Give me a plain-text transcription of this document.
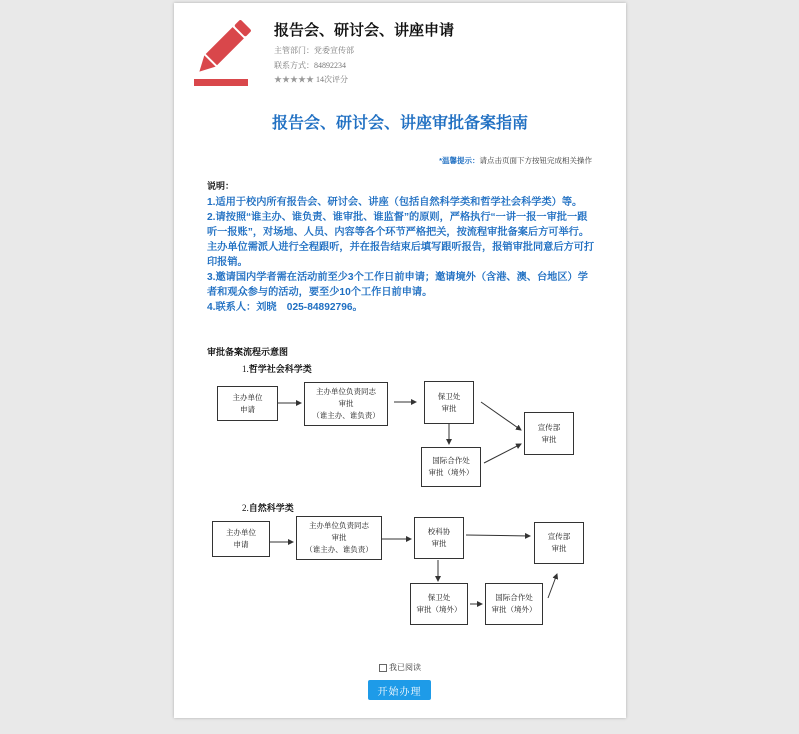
报告会、研讨会、讲座申请
主管部门：党委宣传部
联系方式：84892234
★★★★★ 14次评分
报告会、研讨会、讲座审批备案指南
*温馨提示：请点击页面下方按钮完成相关操作
说明：

1.适用于校内所有报告会、研讨会、讲座（包括自然科学类和哲学社会科学类）等。

2.请按照“谁主办、谁负责、谁审批、谁监督”的原则，严格执行“一讲一报一审批一跟听一报账”，对场地、人员、内容等各个环节严格把关，按流程审批备案后方可举行。主办单位需派人进行全程跟听，并在报告结束后填写跟听报告，报销审批同意后方可打印报销。

3.邀请国内学者需在活动前至少3个工作日前申请；邀请境外（含港、澳、台地区）学者和观众参与的活动，要至少10个工作日前申请。

4.联系人：刘晓　025-84892796。

审批备案流程示意图
1.哲学社会科学类
主办单位
申请
主办单位负责同志
审批
（谁主办、谁负责）
保卫处
审批
宣传部
审批
国际合作处
审批（境外）
2.自然科学类
主办单位
申请
主办单位负责同志
审批
（谁主办、谁负责）
校科协
审批
宣传部
审批
保卫处
审批（境外）
国际合作处
审批（境外）
我已阅读
开始办理
